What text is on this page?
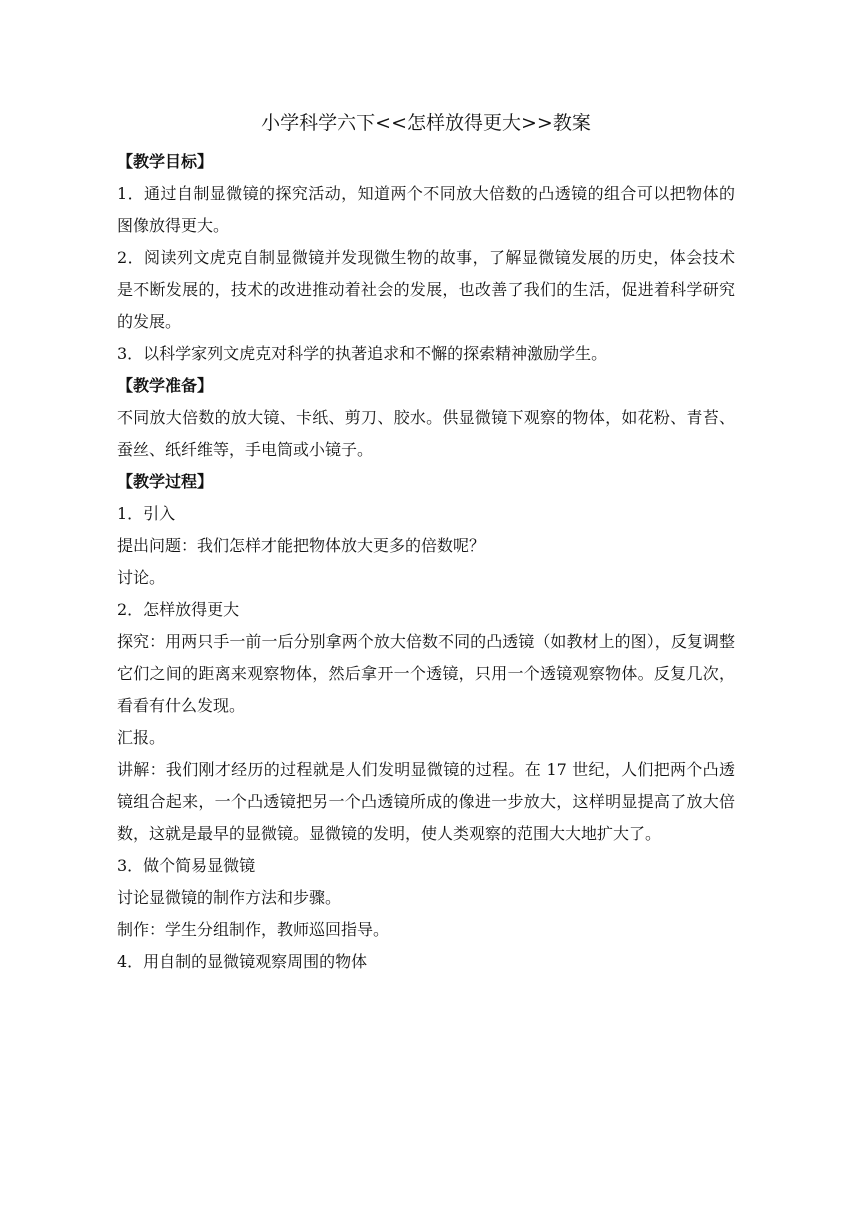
小学科学六下<<怎样放得更大>>教案

【教学目标】

1．通过自制显微镜的探究活动，知道两个不同放大倍数的凸透镜的组合可以把物体的图像放得更大。

2．阅读列文虎克自制显微镜并发现微生物的故事，了解显微镜发展的历史，体会技术是不断发展的，技术的改进推动着社会的发展，也改善了我们的生活，促进着科学研究的发展。

3．以科学家列文虎克对科学的执著追求和不懈的探索精神激励学生。

【教学准备】

不同放大倍数的放大镜、卡纸、剪刀、胶水。供显微镜下观察的物体，如花粉、青苔、蚕丝、纸纤维等，手电筒或小镜子。

【教学过程】

1．引入

提出问题：我们怎样才能把物体放大更多的倍数呢？

讨论。

2．怎样放得更大

探究：用两只手一前一后分别拿两个放大倍数不同的凸透镜（如教材上的图），反复调整它们之间的距离来观察物体，然后拿开一个透镜，只用一个透镜观察物体。反复几次，看看有什么发现。

汇报。

讲解：我们刚才经历的过程就是人们发明显微镜的过程。在 17 世纪，人们把两个凸透镜组合起来，一个凸透镜把另一个凸透镜所成的像进一步放大，这样明显提高了放大倍数，这就是最早的显微镜。显微镜的发明，使人类观察的范围大大地扩大了。

3．做个简易显微镜

讨论显微镜的制作方法和步骤。

制作：学生分组制作，教师巡回指导。

4．用自制的显微镜观察周围的物体
